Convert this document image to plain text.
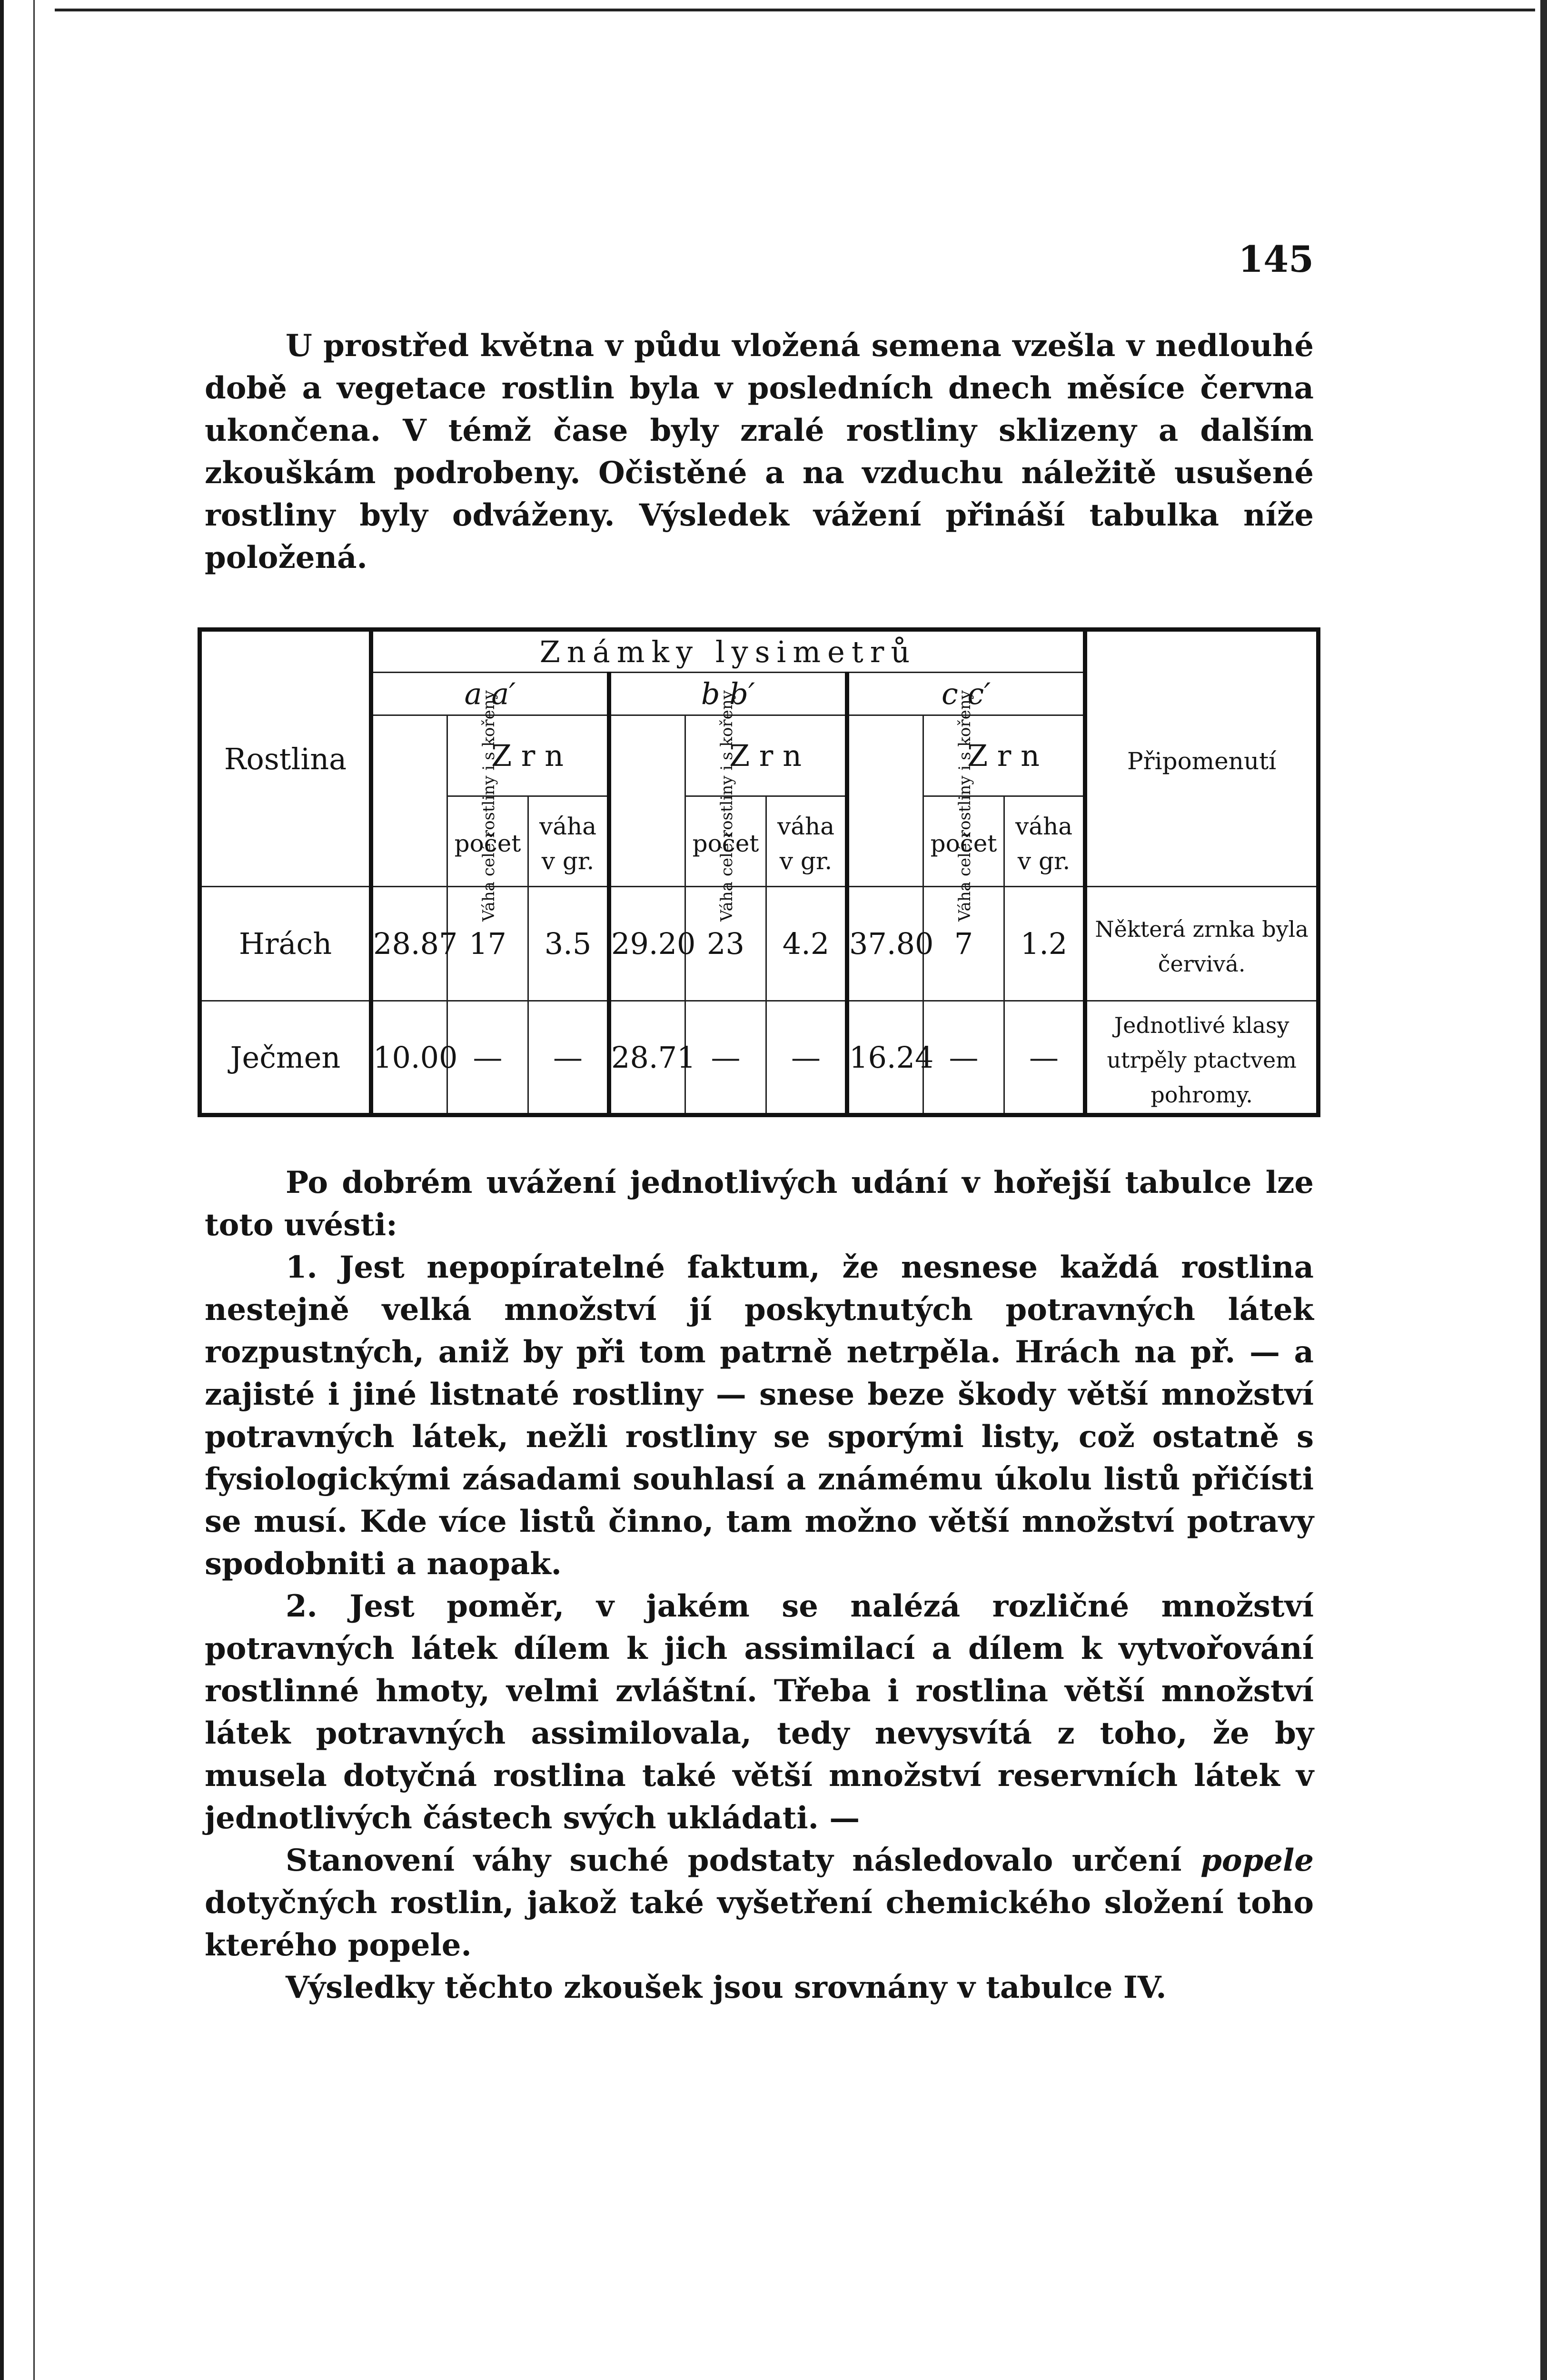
145
U prostřed května v půdu vložená semena vzešla v nedlouhé době a vegetace rostlin byla v posledních dnech měsíce června ukončena. V témž čase byly zralé rostliny sklizeny a dalším zkouškám podrobeny. Očistěné a na vzduchu náležitě usušené rostliny byly odváženy. Výsledek vážení přináší tabulka níže položená.
Rostlina	Známky lysimetrů									Připomenutí
	a a′			b b′			c c′			
	Váha celé rostliny i s kořeny	Z r n		Váha celé rostliny i s kořeny	Z r n		Váha celé rostliny i s kořeny	Z r n		
		počet	váha v gr.		počet	váha v gr.		počet	váha v gr.	
Hrách	28.87	17	3.5	29.20	23	4.2	37.80	7	1.2	Některá zrnka byla červivá.
Ječmen	10.00	—	—	28.71	—	—	16.24	—	—	Jednotlivé klasy utrpěly ptactvem pohromy.
Po dobrém uvážení jednotlivých udání v hořejší tabulce lze toto uvésti:
1. Jest nepopíratelné faktum, že nesnese každá rostlina nestejně velká množství jí poskytnutých potravných látek rozpustných, aniž by při tom patrně netrpěla. Hrách na př. — a zajisté i jiné listnaté rostliny — snese beze škody větší množství potravných látek, nežli rostliny se sporými listy, což ostatně s fysiologickými zásadami souhlasí a známému úkolu listů přičísti se musí. Kde více listů činno, tam možno větší množství potravy spodobniti a naopak.
2. Jest poměr, v jakém se nalézá rozličné množství potravných látek dílem k jich assimilací a dílem k vytvořování rostlinné hmoty, velmi zvláštní. Třeba i rostlina větší množství látek potravných assimilovala, tedy nevysvítá z toho, že by musela dotyčná rostlina také větší množství reservních látek v jednotlivých částech svých ukládati. —
Stanovení váhy suché podstaty následovalo určení popele dotyčných rostlin, jakož také vyšetření chemického složení toho kterého popele.
Výsledky těchto zkoušek jsou srovnány v tabulce IV.
